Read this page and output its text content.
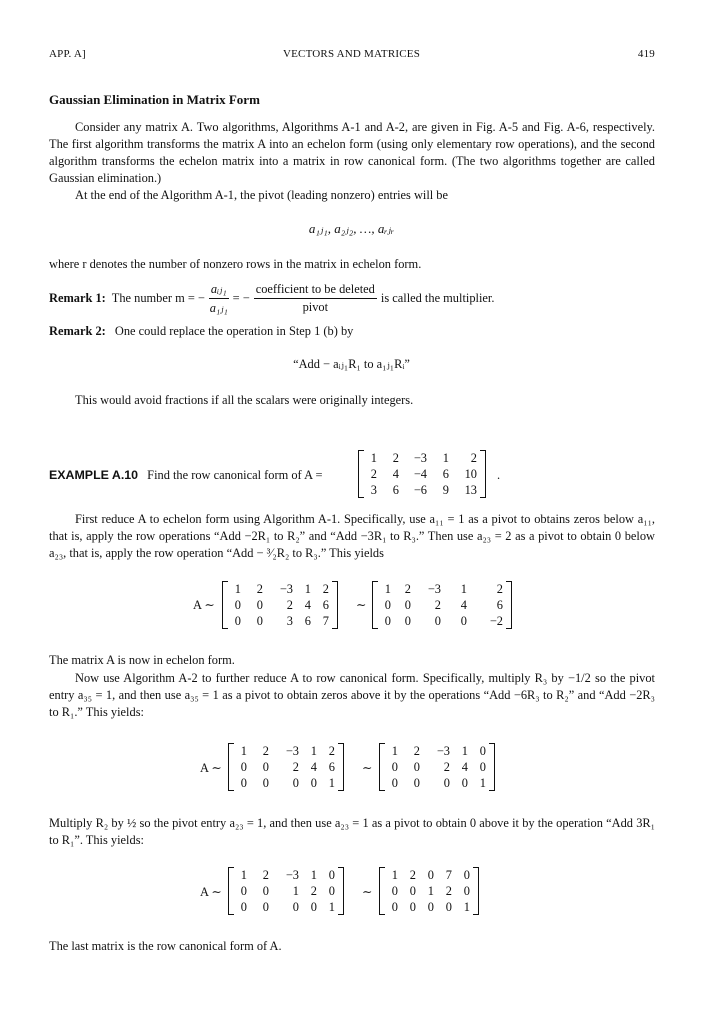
APP. A]	VECTORS AND MATRICES	419
Gaussian Elimination in Matrix Form
Consider any matrix A. Two algorithms, Algorithms A-1 and A-2, are given in Fig. A-5 and Fig. A-6, respectively. The first algorithm transforms the matrix A into an echelon form (using only elementary row operations), and the second algorithm transforms the echelon matrix into a matrix in row canonical form. (The two algorithms together are called Gaussian elimination.)
At the end of the Algorithm A-1, the pivot (leading nonzero) entries will be
a₁ⱼ₁, a₂ⱼ₂, …, aᵣⱼᵣ
where r denotes the number of nonzero rows in the matrix in echelon form.
Remark 1: The number m = − $\frac{\text{aᵢⱼ₁}}{\text{a₁ⱼ₁}}$ = − $\frac{\text{coefficient to be deleted}}{\text{pivot}}$ is called the multiplier.
Remark 2: One could replace the operation in Step 1 (b) by
“Add − aᵢⱼ₁R₁ to a₁ⱼ₁Rᵢ”
This would avoid fractions if all the scalars were originally integers.
EXAMPLE A.10 Find the row canonical form of A =
1	2	−3	1	2
2	4	−4	6	10
3	6	−6	9	13
.
First reduce A to echelon form using Algorithm A-1. Specifically, use a₁₁ = 1 as a pivot to obtains zeros below a₁₁, that is, apply the row operations “Add −2R₁ to R₂” and “Add −3R₁ to R₃.” Then use a₂₃ = 2 as a pivot to obtain 0 below a₂₃, that is, apply the row operation “Add − ³⁄₂R₂ to R₃.” This yields
A ∼
1	2	−3 1 2
0	0	2 4 6
0	0	3 6 7
∼
1	2	−3	1	2
0	0	2	4	6
0	0	0	0	−2
The matrix A is now in echelon form.
Now use Algorithm A-2 to further reduce A to row canonical form. Specifically, multiply R₃ by −1/2 so the pivot entry a₃₅ = 1, and then use a₃₅ = 1 as a pivot to obtain zeros above it by the operations “Add −6R₃ to R₂” and “Add −2R₃ to R₁.” This yields:
A ∼
1	2	−3 1 2
0	0	2 4 6
0	0	0 0 1
∼
1	2	−3 1 0
0	0	2 4 0
0	0	0 0 1
Multiply R₂ by ½ so the pivot entry a₂₃ = 1, and then use a₂₃ = 1 as a pivot to obtain 0 above it by the operation “Add 3R₁ to R₁”. This yields:
A ∼
1	2	−3 1 0
0	0	1 2 0
0	0	0 0 1
∼
1 2 0 7 0
0 0 1 2 0
0 0 0 0 1
The last matrix is the row canonical form of A.
